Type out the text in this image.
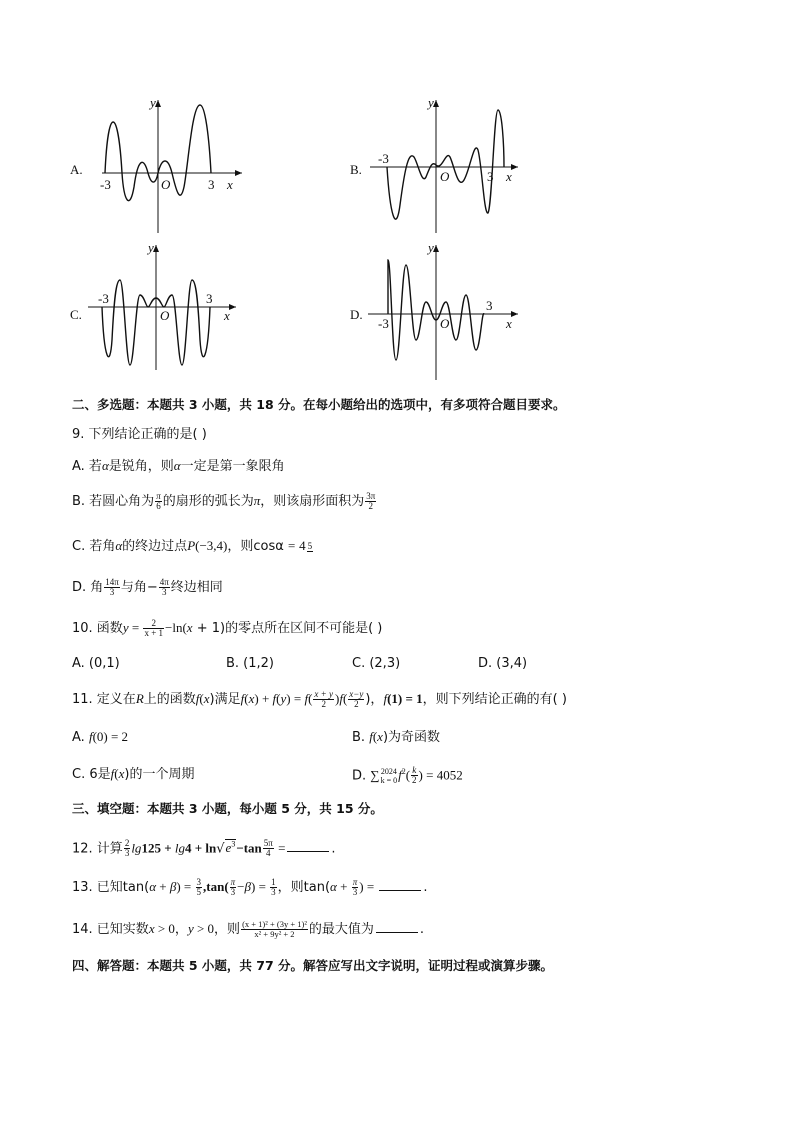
A.
y
x
-3	O	3
B.
y
x
-3
O	3
C.
y
x
-3
O
3
D.
y
x
-3	O
3
二、多选题：本题共 3 小题，共 18 分。在每小题给出的选项中，有多项符合题目要求。
9. 下列结论正确的是( )
A. 若α是锐角，则α一定是第一象限角
B. 若圆心角为 $\frac{\pi}{6}$ 的扇形的弧长为π，则该扇形面积为 $\frac{3\pi}{2}$
C. 若角α的终边过点P(−3,4)，则cosα = 4 5
D. 角 $\frac{14\pi}{3}$ 与角− $\frac{4\pi}{3}$ 终边相同
10. 函数$y = \frac{2}{x + 1} -\ln(x + 1)$的零点所在区间不可能是( )
A. (0,1)	B. (1,2)	C. (2,3)	D. (3,4)
11. 定义在R上的函数f(x)满足$f(x) + f(y) = f( \frac{x + y}{2} )f( \frac{x-y}{2}$ )，f(1) = 1，则下列结论正确的有( )
A. f(0) = 2	B. f(x)为奇函数
C. 6是f(x)的一个周期	D. ∑ 2024
k = 0 $f^2( \frac{k}{2}$ ) = 4052
三、填空题：本题共 3 小题，每小题 5 分，共 15 分。
12. 计算 $\frac{2}{3} \lg 125 + \lg 4 + \ln√e^3-\tan \frac{5\pi}{4}$ =	.
13. 已知$\tan(\alpha + \beta) = \frac{3}{5} ,\tan( \frac{\pi}{3} -\beta) = \frac{1}{3}$ ，则$\tan(\alpha + \frac{\pi}{3}$ ) =	.
14. 已知实数x > 0，y > 0，则 $\frac{\text{(x + 1)² + (3y + 1)²}}{\text{x² + 9y² + 2}}$ 的最大值为	.
四、解答题：本题共 5 小题，共 77 分。解答应写出文字说明，证明过程或演算步骤。
